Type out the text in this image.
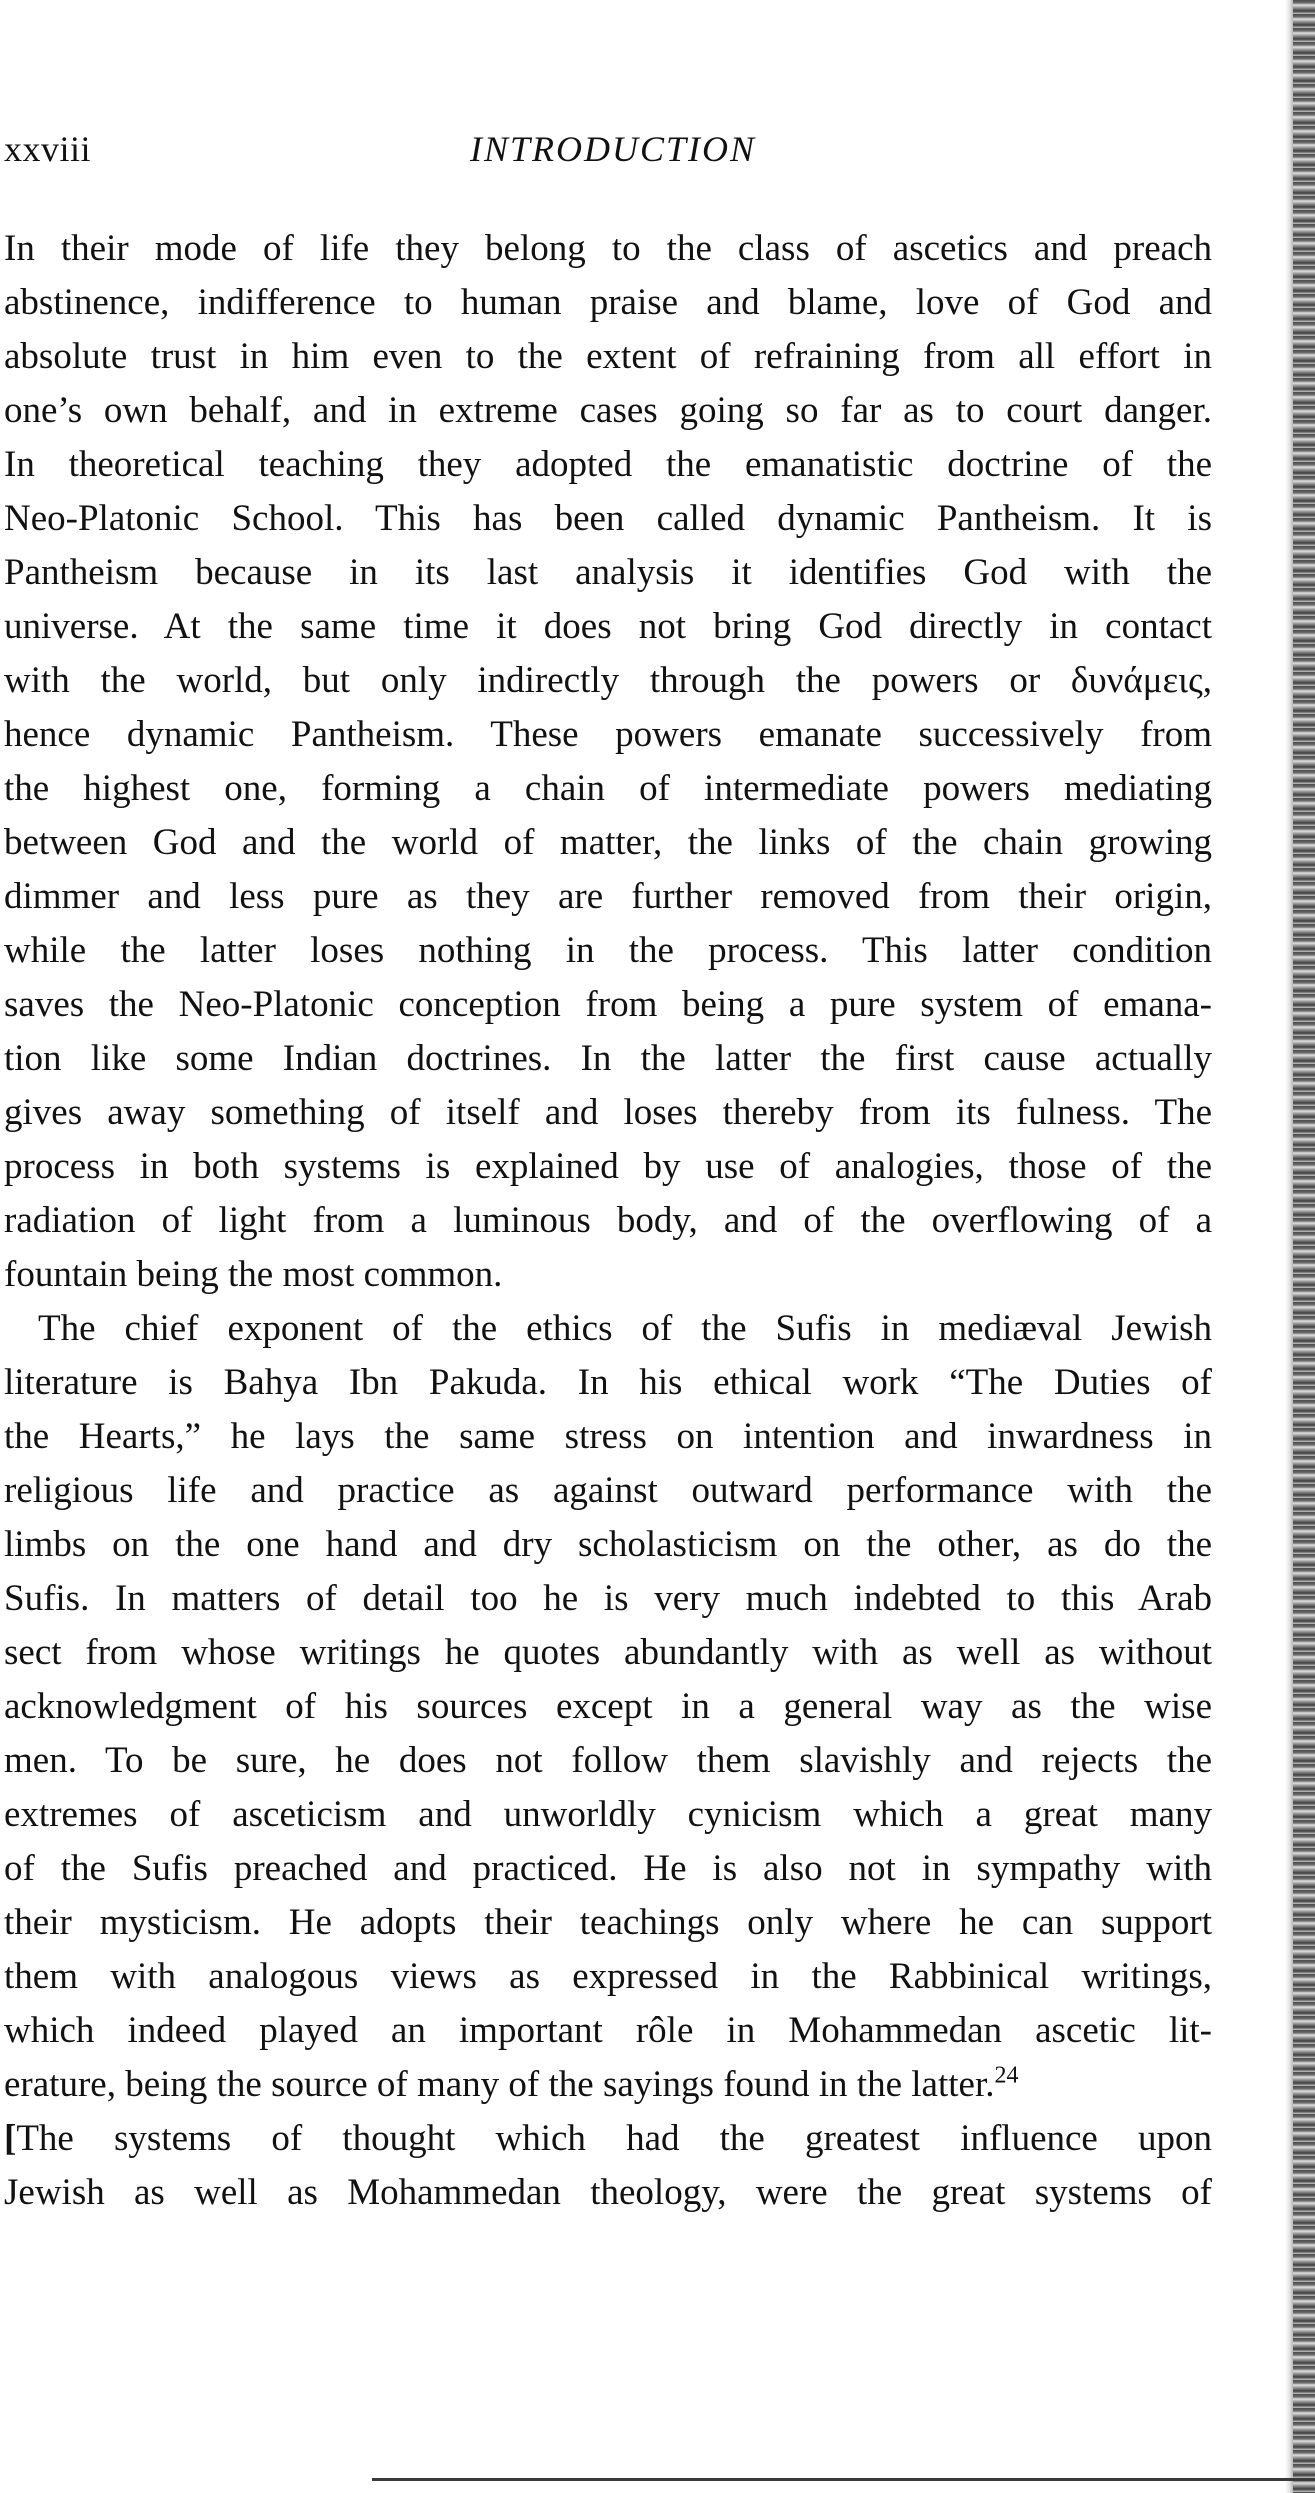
xxviii	INTRODUCTION
In their mode of life they belong to the class of ascetics and preach
abstinence, indifference to human praise and blame, love of God and
absolute trust in him even to the extent of refraining from all effort in
one’s own behalf, and in extreme cases going so far as to court danger.
In theoretical teaching they adopted the emanatistic doctrine of the
Neo-Platonic School. This has been called dynamic Pantheism. It is
Pantheism because in its last analysis it identifies God with the
universe. At the same time it does not bring God directly in contact
with the world, but only indirectly through the powers or δυνάμεις,
hence dynamic Pantheism. These powers emanate successively from
the highest one, forming a chain of intermediate powers mediating
between God and the world of matter, the links of the chain growing
dimmer and less pure as they are further removed from their origin,
while the latter loses nothing in the process. This latter condition
saves the Neo-Platonic conception from being a pure system of emana-
tion like some Indian doctrines. In the latter the first cause actually
gives away something of itself and loses thereby from its fulness. The
process in both systems is explained by use of analogies, those of the
radiation of light from a luminous body, and of the overflowing of a
fountain being the most common.
The chief exponent of the ethics of the Sufis in mediæval Jewish
literature is Bahya Ibn Pakuda. In his ethical work “The Duties of
the Hearts,” he lays the same stress on intention and inwardness in
religious life and practice as against outward performance with the
limbs on the one hand and dry scholasticism on the other, as do the
Sufis. In matters of detail too he is very much indebted to this Arab
sect from whose writings he quotes abundantly with as well as without
acknowledgment of his sources except in a general way as the wise
men. To be sure, he does not follow them slavishly and rejects the
extremes of asceticism and unworldly cynicism which a great many
of the Sufis preached and practiced. He is also not in sympathy with
their mysticism. He adopts their teachings only where he can support
them with analogous views as expressed in the Rabbinical writings,
which indeed played an important rôle in Mohammedan ascetic lit-
erature, being the source of many of the sayings found in the latter.$^{24}$
[The systems of thought which had the greatest influence upon
Jewish as well as Mohammedan theology, were the great systems of
